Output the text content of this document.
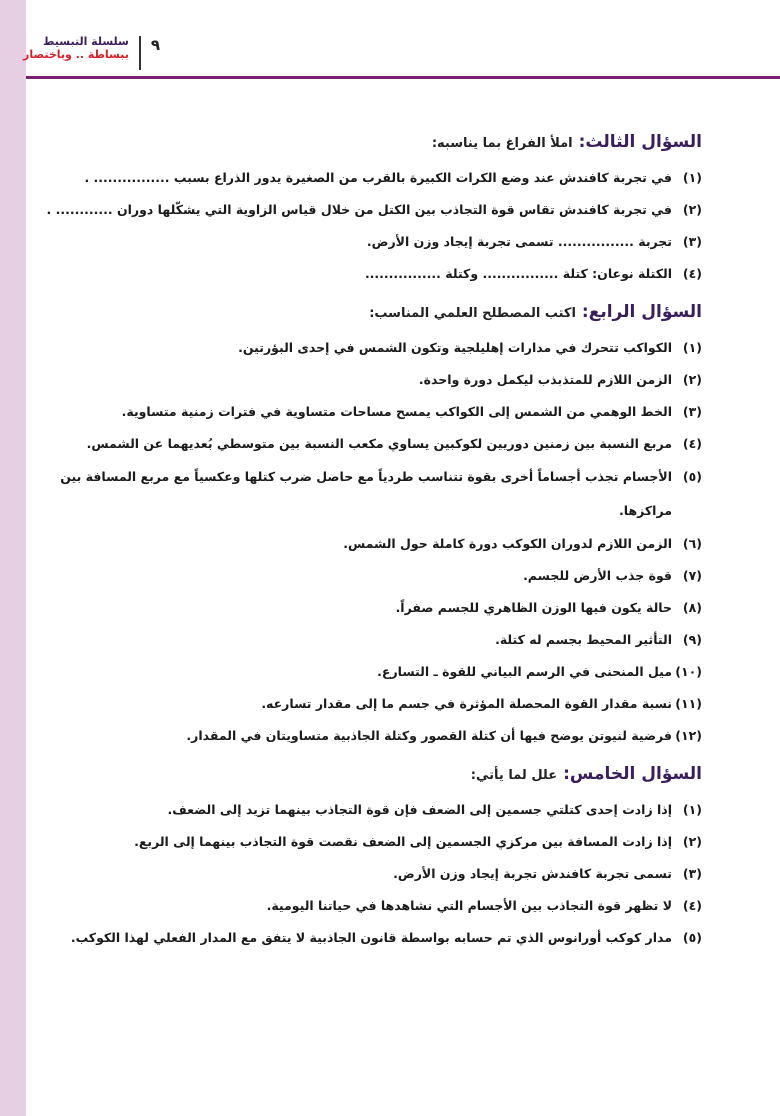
٩
سلسلة التبسيط
ببساطة .. وباختصار
السؤال الثالث:
املأ الفراغ بما يناسبه:
(١)
في تجربة كافندش عند وضع الكرات الكبيرة بالقرب من الصغيرة يدور الذراع بسبب ................ .
(٢)
في تجربة كافندش تقاس قوة التجاذب بين الكتل من خلال قياس الزاوية التي يشكّلها دوران ............ .
(٣)
تجربة ................ تسمى تجربة إيجاد وزن الأرض.
(٤)
الكتلة نوعان: كتلة ................ وكتلة ................
السؤال الرابع:
اكتب المصطلح العلمي المناسب:
(١)
الكواكب تتحرك في مدارات إهليلجية وتكون الشمس في إحدى البؤرتين.
(٢)
الزمن اللازم للمتذبذب ليكمل دورة واحدة.
(٣)
الخط الوهمي من الشمس إلى الكواكب يمسح مساحات متساوية في فترات زمنية متساوية.
(٤)
مربع النسبة بين زمنين دوريين لكوكبين يساوي مكعب النسبة بين متوسطي بُعديهما عن الشمس.
(٥)
الأجسام تجذب أجساماً أخرى بقوة تتناسب طردياً مع حاصل ضرب كتلها وعكسياً مع مربع المسافة بين مراكزها.
(٦)
الزمن اللازم لدوران الكوكب دورة كاملة حول الشمس.
(٧)
قوة جذب الأرض للجسم.
(٨)
حالة يكون فيها الوزن الظاهري للجسم صفراً.
(٩)
التأثير المحيط بجسم له كتلة.
(١٠)
ميل المنحنى في الرسم البياني للقوة ـ التسارع.
(١١)
نسبة مقدار القوة المحصلة المؤثرة في جسم ما إلى مقدار تسارعه.
(١٢)
فرضية لنيوتن يوضح فيها أن كتلة القصور وكتلة الجاذبية متساويتان في المقدار.
السؤال الخامس:
علل لما يأتي:
(١)
إذا زادت إحدى كتلتي جسمين إلى الضعف فإن قوة التجاذب بينهما تزيد إلى الضعف.
(٢)
إذا زادت المسافة بين مركزي الجسمين إلى الضعف نقصت قوة التجاذب بينهما إلى الربع.
(٣)
تسمى تجربة كافندش تجربة إيجاد وزن الأرض.
(٤)
لا تظهر قوة التجاذب بين الأجسام التي نشاهدها في حياتنا اليومية.
(٥)
مدار كوكب أورانوس الذي تم حسابه بواسطة قانون الجاذبية لا يتفق مع المدار الفعلي لهذا الكوكب.
